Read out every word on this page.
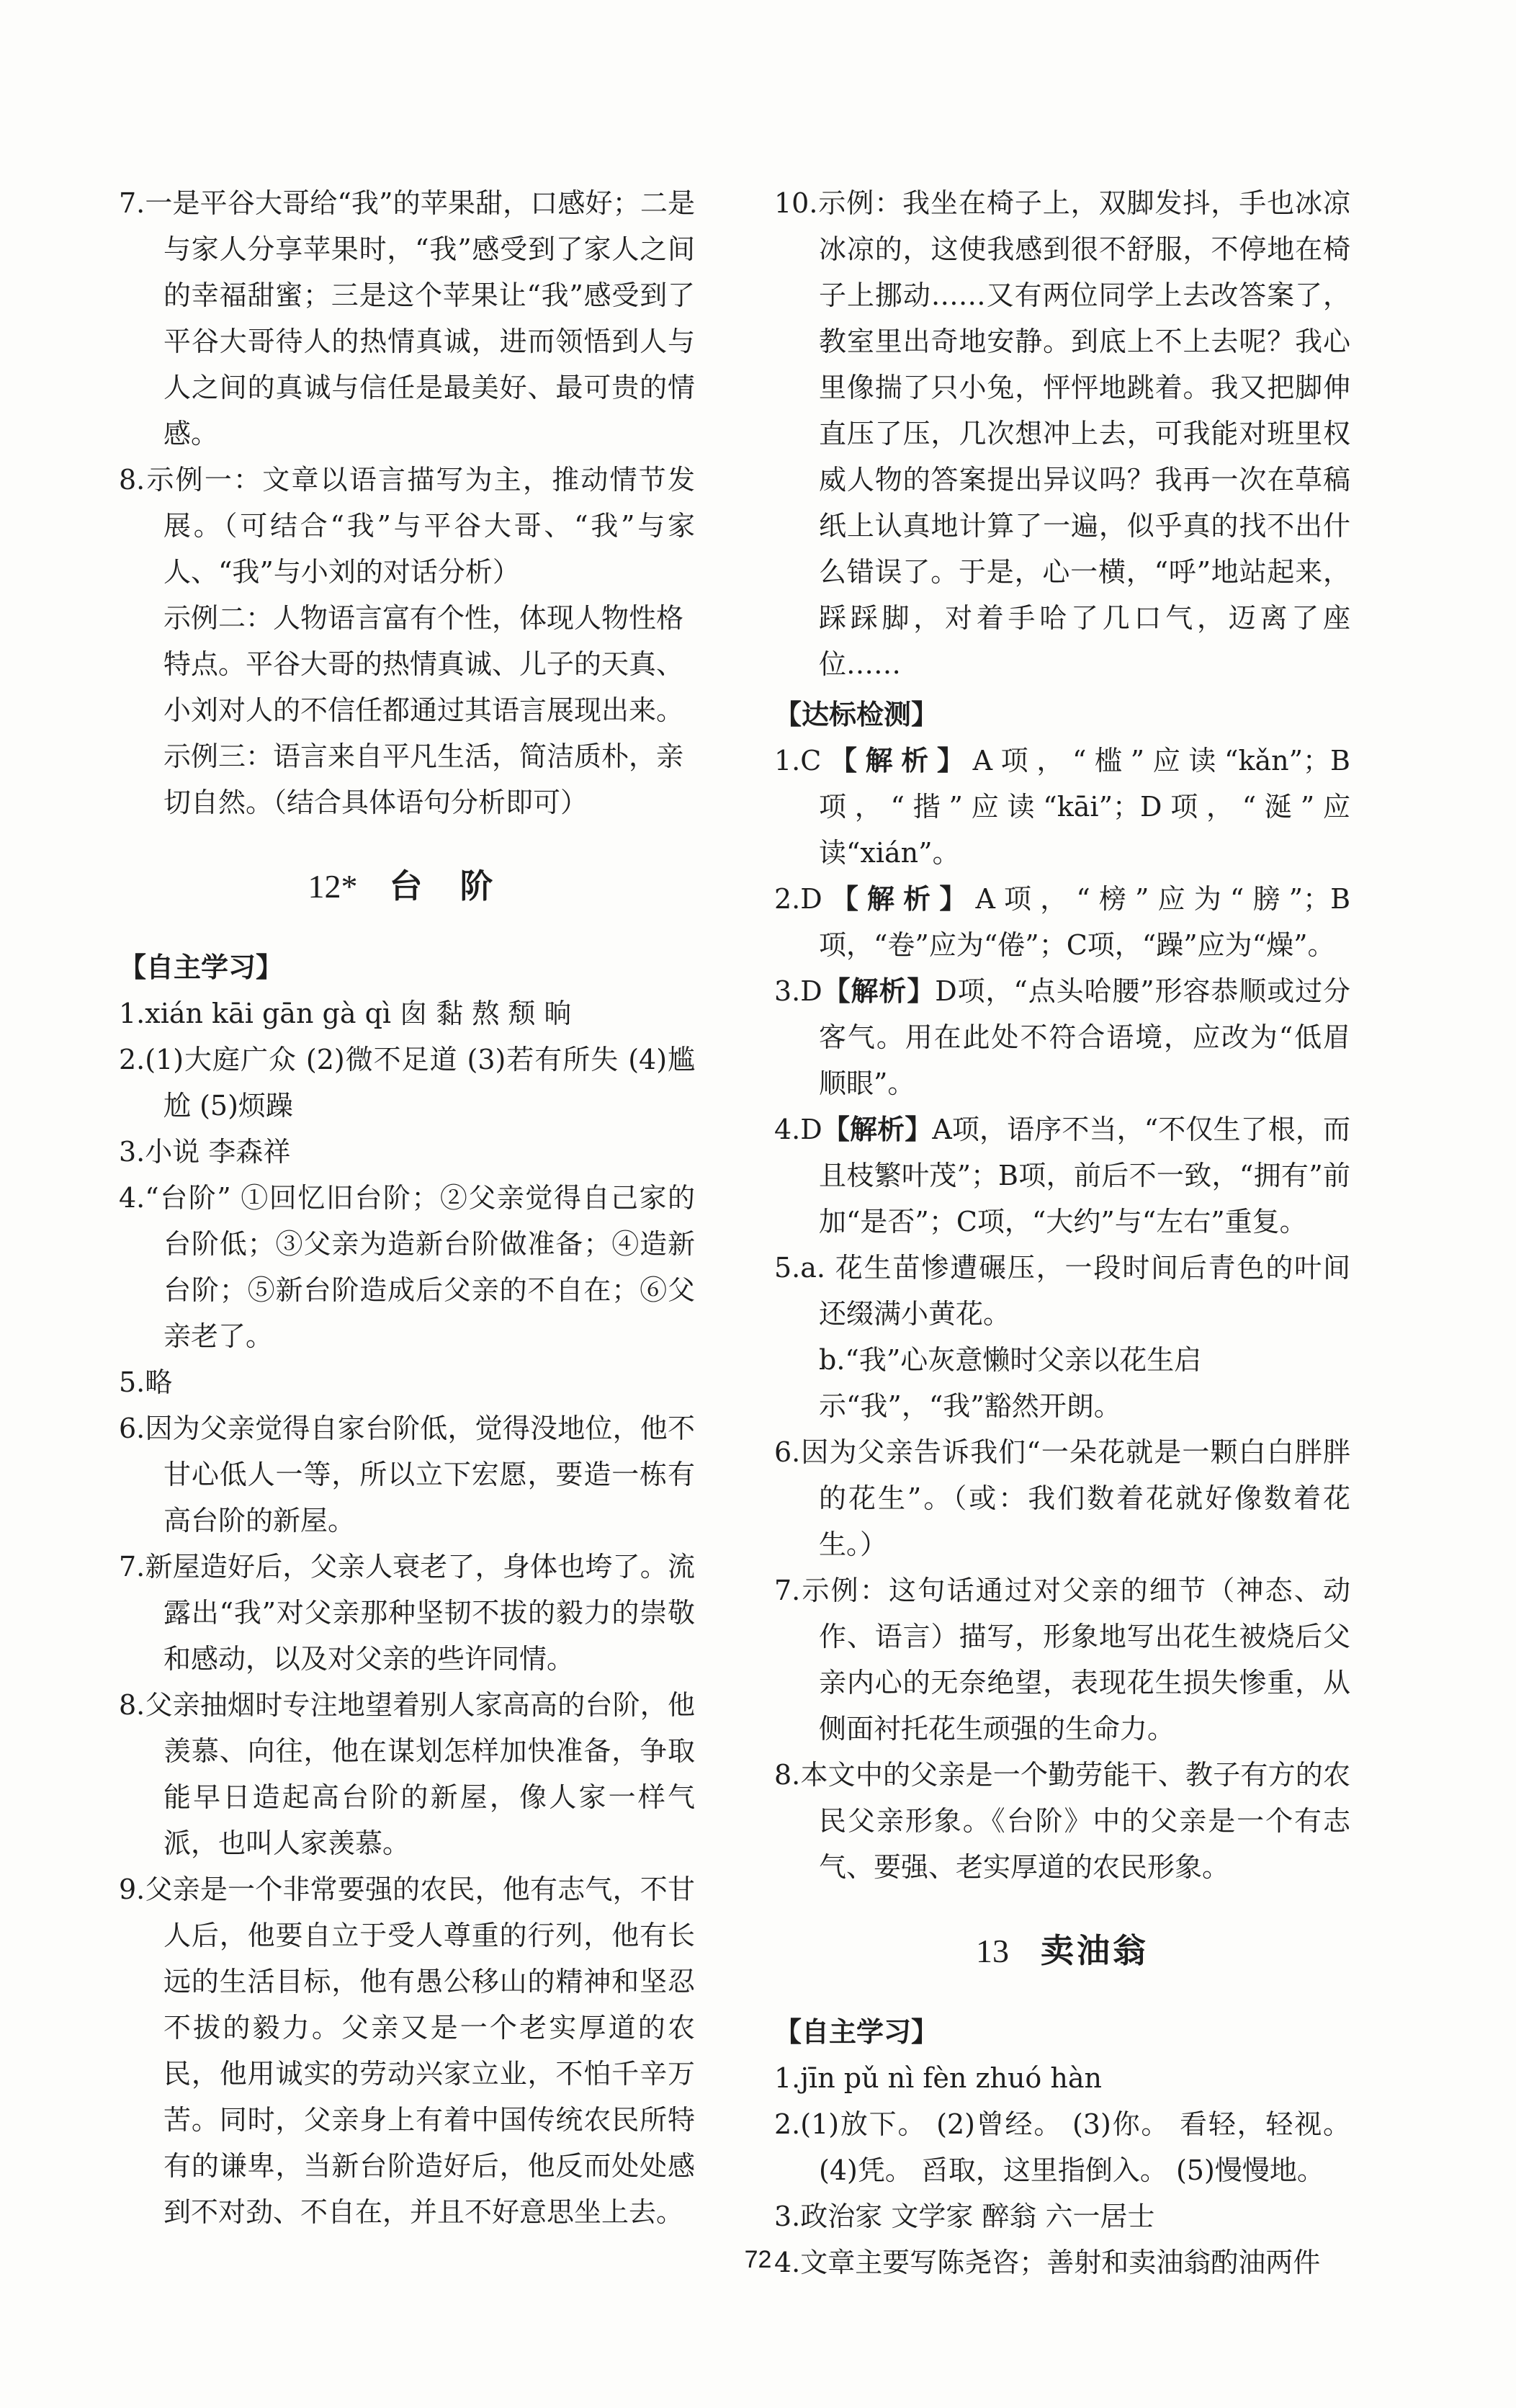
7.一是平谷大哥给“我”的苹果甜，口感好；二是与家人分享苹果时，“我”感受到了家人之间的幸福甜蜜；三是这个苹果让“我”感受到了平谷大哥待人的热情真诚，进而领悟到人与人之间的真诚与信任是最美好、最可贵的情感。

8.示例一：文章以语言描写为主，推动情节发展。（可结合“我”与平谷大哥、“我”与家人、“我”与小刘的对话分析）

示例二：人物语言富有个性，体现人物性格特点。平谷大哥的热情真诚、儿子的天真、小刘对人的不信任都通过其语言展现出来。

示例三：语言来自平凡生活，简洁质朴，亲切自然。（结合具体语句分析即可）

12* 台 阶

【自主学习】

1.xián kāi gān gà qì 囱 黏 熬 颓 晌

2.(1)大庭广众 (2)微不足道 (3)若有所失 (4)尴尬 (5)烦躁

3.小说 李森祥

4.“台阶” ①回忆旧台阶；②父亲觉得自己家的台阶低；③父亲为造新台阶做准备；④造新台阶；⑤新台阶造成后父亲的不自在；⑥父亲老了。

5.略

6.因为父亲觉得自家台阶低，觉得没地位，他不甘心低人一等，所以立下宏愿，要造一栋有高台阶的新屋。

7.新屋造好后，父亲人衰老了，身体也垮了。流露出“我”对父亲那种坚韧不拔的毅力的崇敬和感动，以及对父亲的些许同情。

8.父亲抽烟时专注地望着别人家高高的台阶，他羡慕、向往，他在谋划怎样加快准备，争取能早日造起高台阶的新屋，像人家一样气派，也叫人家羡慕。

9.父亲是一个非常要强的农民，他有志气，不甘人后，他要自立于受人尊重的行列，他有长远的生活目标，他有愚公移山的精神和坚忍不拔的毅力。父亲又是一个老实厚道的农民，他用诚实的劳动兴家立业，不怕千辛万苦。同时，父亲身上有着中国传统农民所特有的谦卑，当新台阶造好后，他反而处处感到不对劲、不自在，并且不好意思坐上去。

10.示例：我坐在椅子上，双脚发抖，手也冰凉冰凉的，这使我感到很不舒服，不停地在椅子上挪动……又有两位同学上去改答案了，教室里出奇地安静。到底上不上去呢？我心里像揣了只小兔，怦怦地跳着。我又把脚伸直压了压，几次想冲上去，可我能对班里权威人物的答案提出异议吗？我再一次在草稿纸上认真地计算了一遍，似乎真的找不出什么错误了。于是，心一横，“呼”地站起来，踩踩脚，对着手哈了几口气，迈离了座位……

【达标检测】

1.C【解析】A项，“槛”应读“kǎn”；B项，“揩”应读“kāi”；D项，“涎”应读“xián”。

2.D【解析】A项，“榜”应为“膀”；B项，“卷”应为“倦”；C项，“躁”应为“燥”。

3.D【解析】D项，“点头哈腰”形容恭顺或过分客气。用在此处不符合语境，应改为“低眉顺眼”。

4.D【解析】A项，语序不当，“不仅生了根，而且枝繁叶茂”；B项，前后不一致，“拥有”前加“是否”；C项，“大约”与“左右”重复。

5.a. 花生苗惨遭碾压，一段时间后青色的叶间还缀满小黄花。

b.“我”心灰意懒时父亲以花生启示“我”，“我”豁然开朗。

6.因为父亲告诉我们“一朵花就是一颗白白胖胖的花生”。（或：我们数着花就好像数着花生。）

7.示例：这句话通过对父亲的细节（神态、动作、语言）描写，形象地写出花生被烧后父亲内心的无奈绝望，表现花生损失惨重，从侧面衬托花生顽强的生命力。

8.本文中的父亲是一个勤劳能干、教子有方的农民父亲形象。《台阶》中的父亲是一个有志气、要强、老实厚道的农民形象。

13 卖油翁

【自主学习】

1.jīn pǔ nì fèn zhuó hàn

2.(1)放下。 (2)曾经。 (3)你。 看轻，轻视。 (4)凭。 舀取，这里指倒入。 (5)慢慢地。

3.政治家 文学家 醉翁 六一居士

4.文章主要写陈尧咨；善射和卖油翁酌油两件

72
